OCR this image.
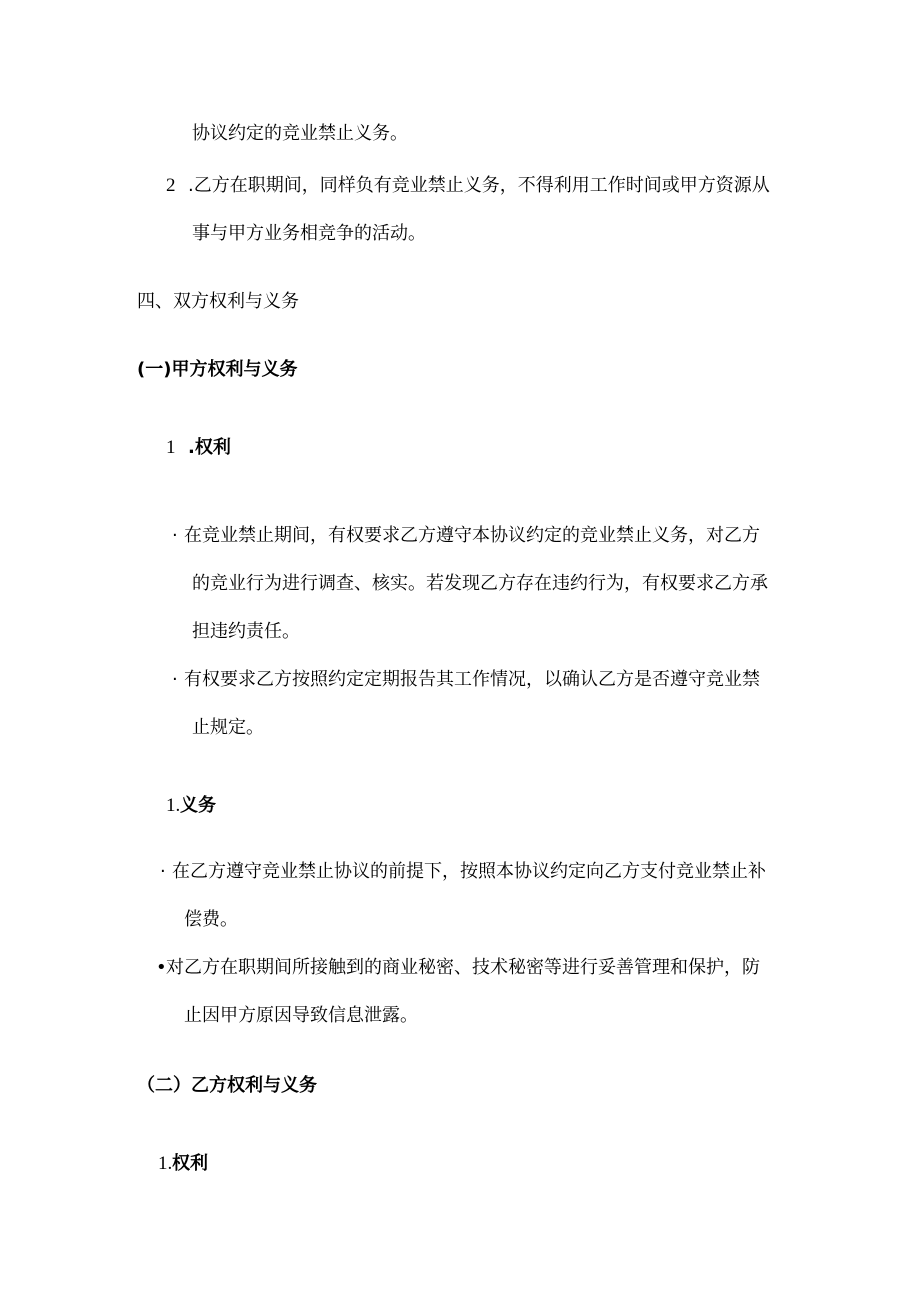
协议约定的竞业禁止义务。
2 .乙方在职期间，同样负有竞业禁止义务，不得利用工作时间或甲方资源从
事与甲方业务相竞争的活动。
四、双方权利与义务
(一)甲方权利与义务
1 .权利
· 在竞业禁止期间，有权要求乙方遵守本协议约定的竞业禁止义务，对乙方
的竞业行为进行调查、核实。若发现乙方存在违约行为，有权要求乙方承
担违约责任。
· 有权要求乙方按照约定定期报告其工作情况，以确认乙方是否遵守竞业禁
止规定。
1. 义务
· 在乙方遵守竞业禁止协议的前提下，按照本协议约定向乙方支付竞业禁止补
偿费。
• 对乙方在职期间所接触到的商业秘密、技术秘密等进行妥善管理和保护，防
止因甲方原因导致信息泄露。
（二）乙方权利与义务
1. 权利
